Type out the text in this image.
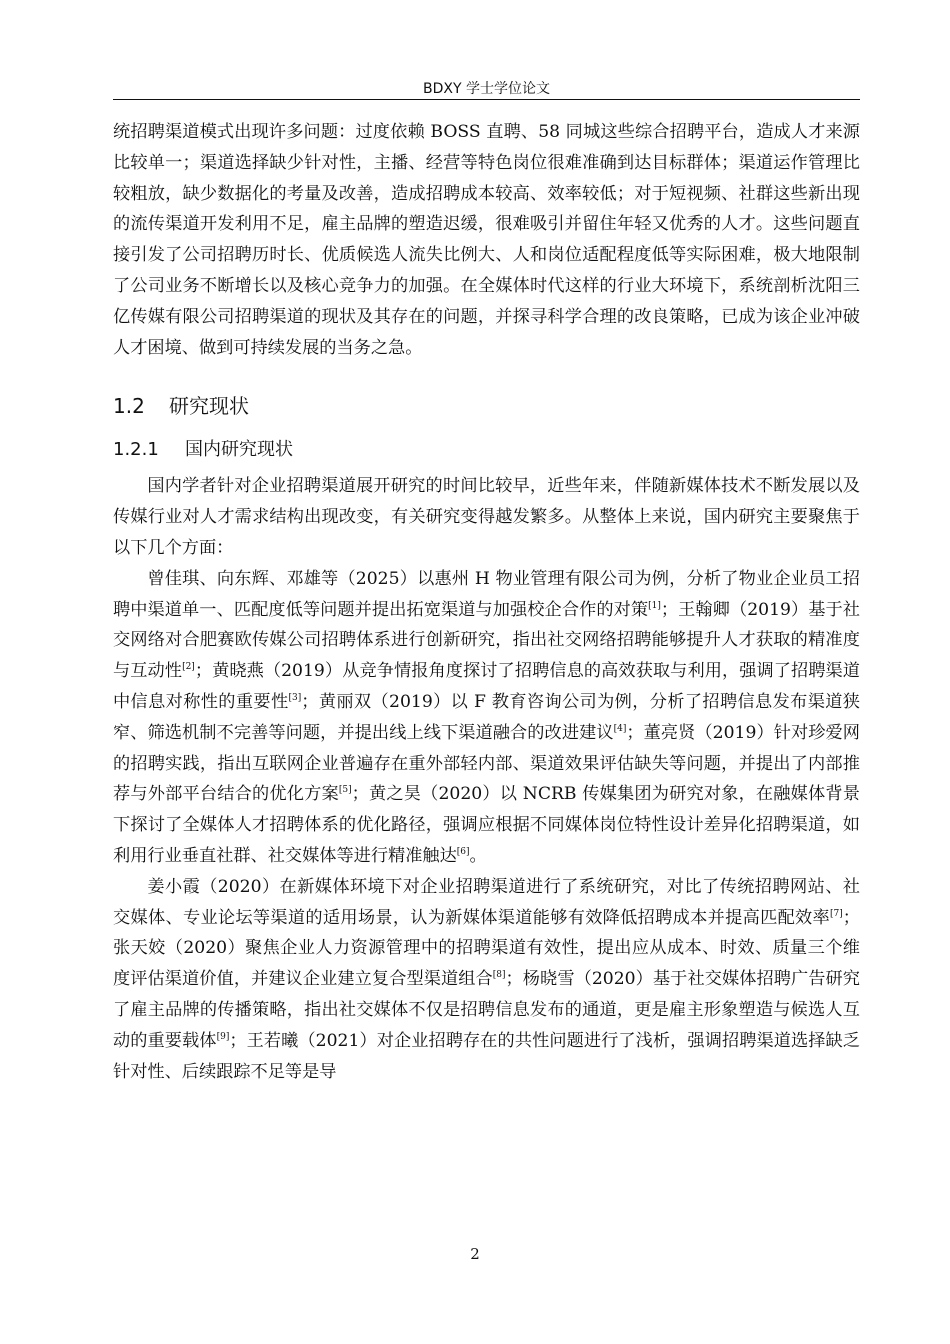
BDXY 学士学位论文

统招聘渠道模式出现许多问题：过度依赖 BOSS 直聘、58 同城这些综合招聘平台，造成人才来源比较单一；渠道选择缺少针对性，主播、经营等特色岗位很难准确到达目标群体；渠道运作管理比较粗放，缺少数据化的考量及改善，造成招聘成本较高、效率较低；对于短视频、社群这些新出现的流传渠道开发利用不足，雇主品牌的塑造迟缓，很难吸引并留住年轻又优秀的人才。这些问题直接引发了公司招聘历时长、优质候选人流失比例大、人和岗位适配程度低等实际困难，极大地限制了公司业务不断增长以及核心竞争力的加强。在全媒体时代这样的行业大环境下，系统剖析沈阳三亿传媒有限公司招聘渠道的现状及其存在的问题，并探寻科学合理的改良策略，已成为该企业冲破人才困境、做到可持续发展的当务之急。

1.2 研究现状
1.2.1 国内研究现状

国内学者针对企业招聘渠道展开研究的时间比较早，近些年来，伴随新媒体技术不断发展以及传媒行业对人才需求结构出现改变，有关研究变得越发繁多。从整体上来说，国内研究主要聚焦于以下几个方面：

曾佳琪、向东辉、邓雄等（2025）以惠州 H 物业管理有限公司为例，分析了物业企业员工招聘中渠道单一、匹配度低等问题并提出拓宽渠道与加强校企合作的对策[1]；王翰卿（2019）基于社交网络对合肥赛欧传媒公司招聘体系进行创新研究，指出社交网络招聘能够提升人才获取的精准度与互动性[2]；黄晓燕（2019）从竞争情报角度探讨了招聘信息的高效获取与利用，强调了招聘渠道中信息对称性的重要性[3]；黄丽双（2019）以 F 教育咨询公司为例，分析了招聘信息发布渠道狭窄、筛选机制不完善等问题，并提出线上线下渠道融合的改进建议[4]；董亮贤（2019）针对珍爱网的招聘实践，指出互联网企业普遍存在重外部轻内部、渠道效果评估缺失等问题，并提出了内部推荐与外部平台结合的优化方案[5]；黄之昊（2020）以 NCRB 传媒集团为研究对象，在融媒体背景下探讨了全媒体人才招聘体系的优化路径，强调应根据不同媒体岗位特性设计差异化招聘渠道，如利用行业垂直社群、社交媒体等进行精准触达[6]。

姜小霞（2020）在新媒体环境下对企业招聘渠道进行了系统研究，对比了传统招聘网站、社交媒体、专业论坛等渠道的适用场景，认为新媒体渠道能够有效降低招聘成本并提高匹配效率[7]；张天姣（2020）聚焦企业人力资源管理中的招聘渠道有效性，提出应从成本、时效、质量三个维度评估渠道价值，并建议企业建立复合型渠道组合[8]；杨晓雪（2020）基于社交媒体招聘广告研究了雇主品牌的传播策略，指出社交媒体不仅是招聘信息发布的通道，更是雇主形象塑造与候选人互动的重要载体[9]；王若曦（2021）对企业招聘存在的共性问题进行了浅析，强调招聘渠道选择缺乏针对性、后续跟踪不足等是导

2
